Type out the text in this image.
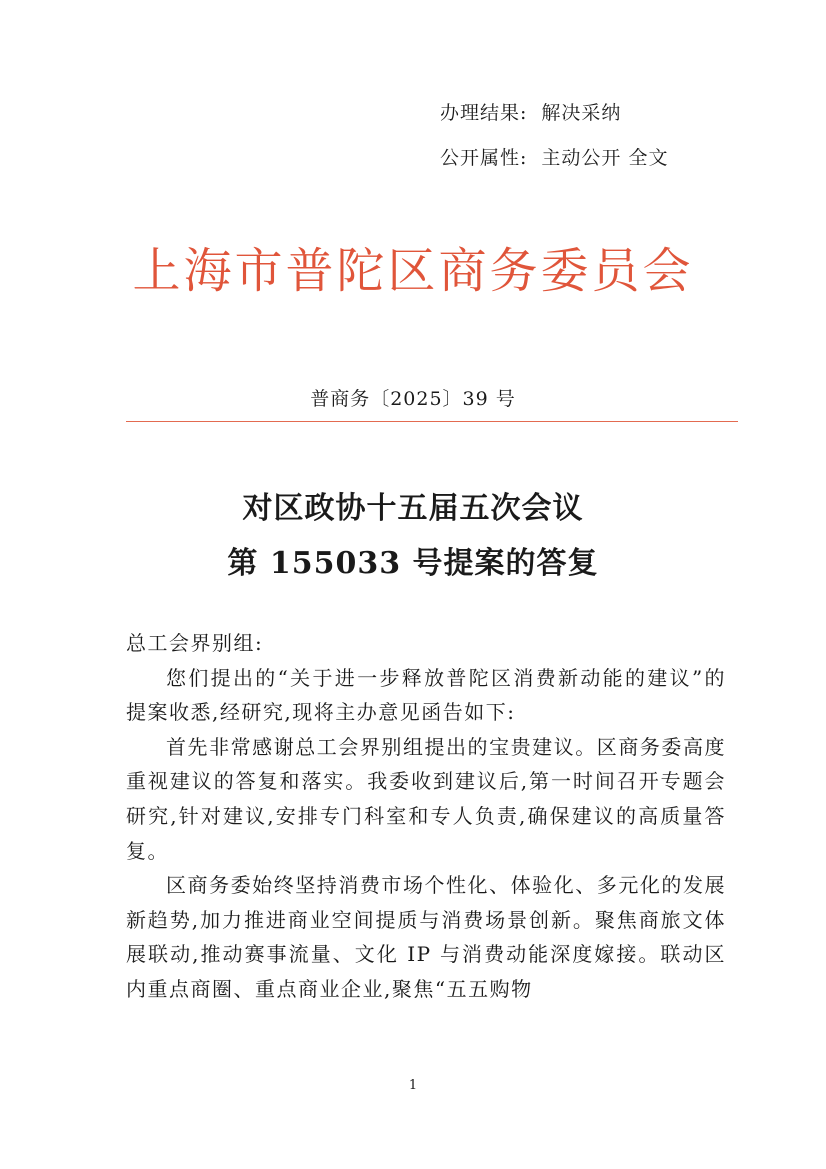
办理结果: 解决采纳
公开属性: 主动公开 全文
上海市普陀区商务委员会
普商务〔2025〕39 号
对区政协十五届五次会议
第 155033 号提案的答复

总工会界别组:

您们提出的“关于进一步释放普陀区消费新动能的建议”的提案收悉,经研究,现将主办意见函告如下:

首先非常感谢总工会界别组提出的宝贵建议。区商务委高度重视建议的答复和落实。我委收到建议后,第一时间召开专题会研究,针对建议,安排专门科室和专人负责,确保建议的高质量答复。

区商务委始终坚持消费市场个性化、体验化、多元化的发展新趋势,加力推进商业空间提质与消费场景创新。聚焦商旅文体展联动,推动赛事流量、文化 IP 与消费动能深度嫁接。联动区内重点商圈、重点商业企业,聚焦“五五购物

1
